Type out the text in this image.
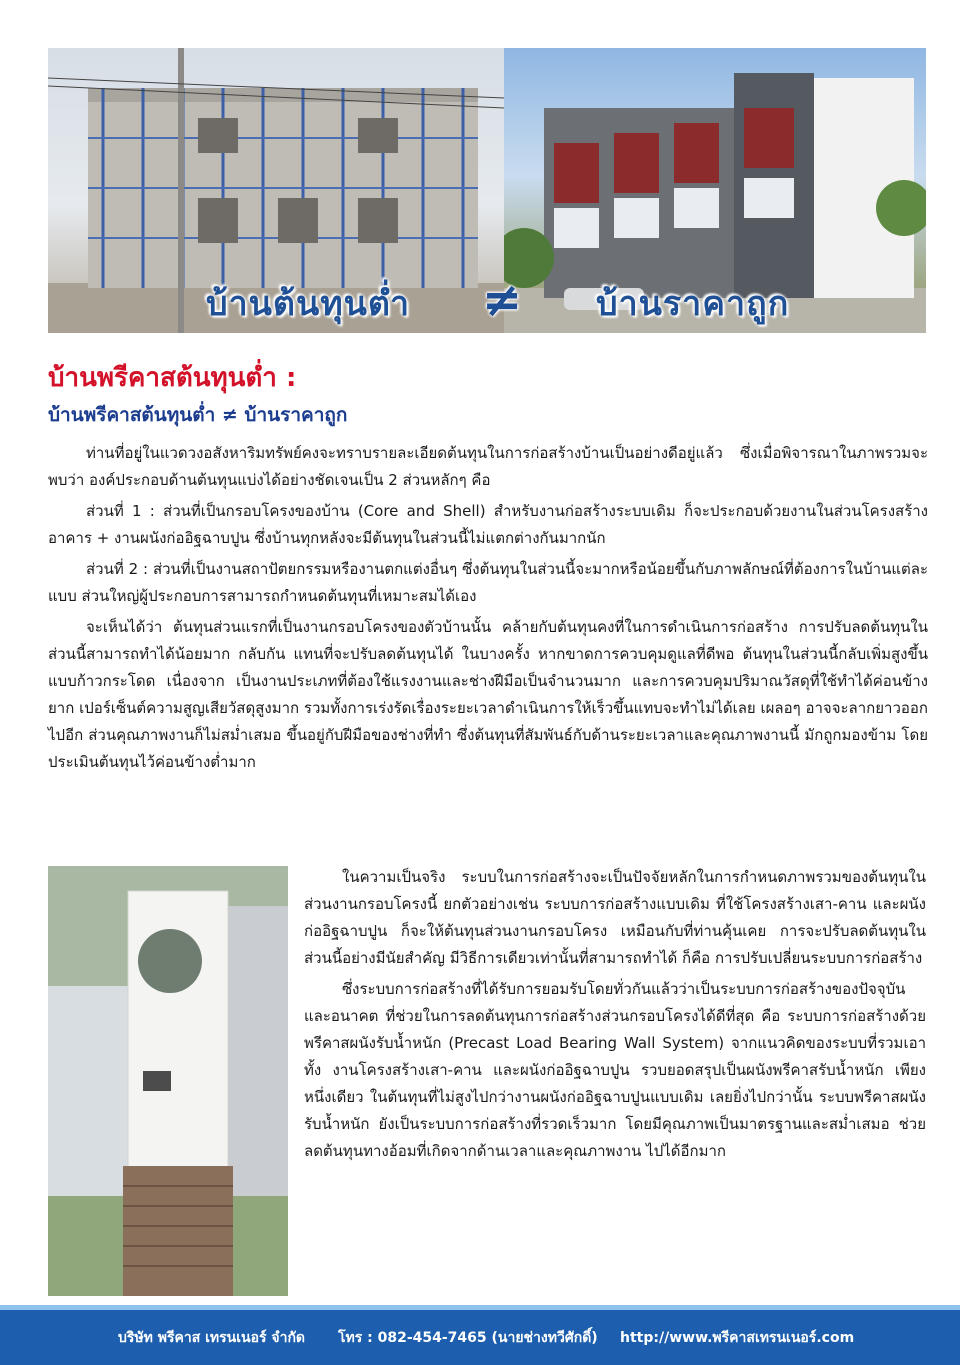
บ้านต้นทุนต่ำ ≠ บ้านราคาถูก
บ้านพรีคาสต้นทุนต่ำ :
บ้านพรีคาสต้นทุนต่ำ ≠ บ้านราคาถูก

ท่านที่อยู่ในแวดวงอสังหาริมทรัพย์คงจะทราบรายละเอียดต้นทุนในการก่อสร้างบ้านเป็นอย่างดีอยู่แล้ว ซึ่งเมื่อพิจารณาในภาพรวมจะพบว่า องค์ประกอบด้านต้นทุนแบ่งได้อย่างชัดเจนเป็น 2 ส่วนหลักๆ คือ

ส่วนที่ 1 : ส่วนที่เป็นกรอบโครงของบ้าน (Core and Shell) สำหรับงานก่อสร้างระบบเดิม ก็จะประกอบด้วยงานในส่วนโครงสร้างอาคาร + งานผนังก่ออิฐฉาบปูน ซึ่งบ้านทุกหลังจะมีต้นทุนในส่วนนี้ไม่แตกต่างกันมากนัก

ส่วนที่ 2 : ส่วนที่เป็นงานสถาปัตยกรรมหรืองานตกแต่งอื่นๆ ซึ่งต้นทุนในส่วนนี้จะมากหรือน้อยขึ้นกับภาพลักษณ์ที่ต้องการในบ้านแต่ละแบบ ส่วนใหญ่ผู้ประกอบการสามารถกำหนดต้นทุนที่เหมาะสมได้เอง

จะเห็นได้ว่า ต้นทุนส่วนแรกที่เป็นงานกรอบโครงของตัวบ้านนั้น คล้ายกับต้นทุนคงที่ในการดำเนินการก่อสร้าง การปรับลดต้นทุนในส่วนนี้สามารถทำได้น้อยมาก กลับกัน แทนที่จะปรับลดต้นทุนได้ ในบางครั้ง หากขาดการควบคุมดูแลที่ดีพอ ต้นทุนในส่วนนี้กลับเพิ่มสูงขึ้นแบบก้าวกระโดด เนื่องจาก เป็นงานประเภทที่ต้องใช้แรงงานและช่างฝีมือเป็นจำนวนมาก และการควบคุมปริมาณวัสดุที่ใช้ทำได้ค่อนข้างยาก เปอร์เซ็นต์ความสูญเสียวัสดุสูงมาก รวมทั้งการเร่งรัดเรื่องระยะเวลาดำเนินการให้เร็วขึ้นแทบจะทำไม่ได้เลย เผลอๆ อาจจะลากยาวออกไปอีก ส่วนคุณภาพงานก็ไม่สม่ำเสมอ ขึ้นอยู่กับฝีมือของช่างที่ทำ ซึ่งต้นทุนที่สัมพันธ์กับด้านระยะเวลาและคุณภาพงานนี้ มักถูกมองข้าม โดยประเมินต้นทุนไว้ค่อนข้างต่ำมาก

ในความเป็นจริง ระบบในการก่อสร้างจะเป็นปัจจัยหลักในการกำหนดภาพรวมของต้นทุนในส่วนงานกรอบโครงนี้ ยกตัวอย่างเช่น ระบบการก่อสร้างแบบเดิม ที่ใช้โครงสร้างเสา-คาน และผนังก่ออิฐฉาบปูน ก็จะให้ต้นทุนส่วนงานกรอบโครง เหมือนกับที่ท่านคุ้นเคย การจะปรับลดต้นทุนในส่วนนี้อย่างมีนัยสำคัญ มีวิธีการเดียวเท่านั้นที่สามารถทำได้ ก็คือ การปรับเปลี่ยนระบบการก่อสร้าง

ซึ่งระบบการก่อสร้างที่ได้รับการยอมรับโดยทั่วกันแล้วว่าเป็นระบบการก่อสร้างของปัจจุบันและอนาคต ที่ช่วยในการลดต้นทุนการก่อสร้างส่วนกรอบโครงได้ดีที่สุด คือ ระบบการก่อสร้างด้วยพรีคาสผนังรับน้ำหนัก (Precast Load Bearing Wall System) จากแนวคิดของระบบที่รวมเอาทั้ง งานโครงสร้างเสา-คาน และผนังก่ออิฐฉาบปูน รวบยอดสรุปเป็นผนังพรีคาสรับน้ำหนัก เพียงหนึ่งเดียว ในต้นทุนที่ไม่สูงไปกว่างานผนังก่ออิฐฉาบปูนแบบเดิม เลยยิ่งไปกว่านั้น ระบบพรีคาสผนังรับน้ำหนัก ยังเป็นระบบการก่อสร้างที่รวดเร็วมาก โดยมีคุณภาพเป็นมาตรฐานและสม่ำเสมอ ช่วยลดต้นทุนทางอ้อมที่เกิดจากด้านเวลาและคุณภาพงาน ไปได้อีกมาก

บริษัท พรีคาส เทรนเนอร์ จำกัด โทร : 082-454-7465 (นายช่างทวีศักดิ์) http://www.พรีคาสเทรนเนอร์.com
